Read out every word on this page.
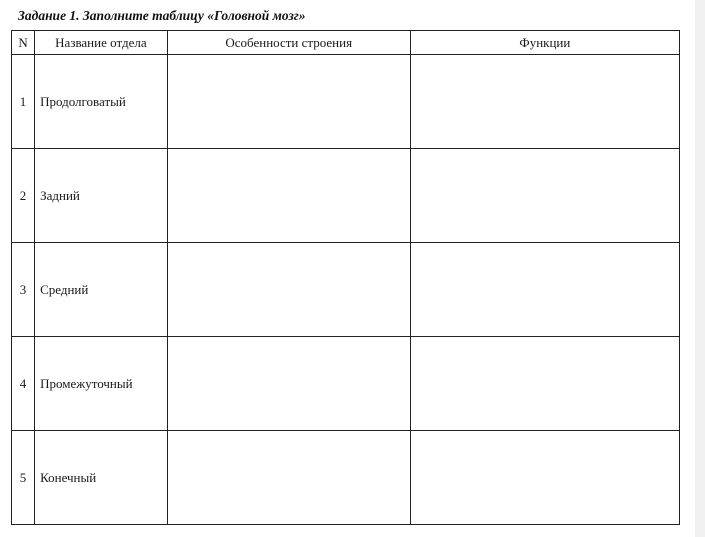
Задание 1. Заполните таблицу «Головной мозг»
N	Название отдела	Особенности строения	Функции
1	Продолговатый		
2	Задний		
3	Средний		
4	Промежуточный		
5	Конечный		
